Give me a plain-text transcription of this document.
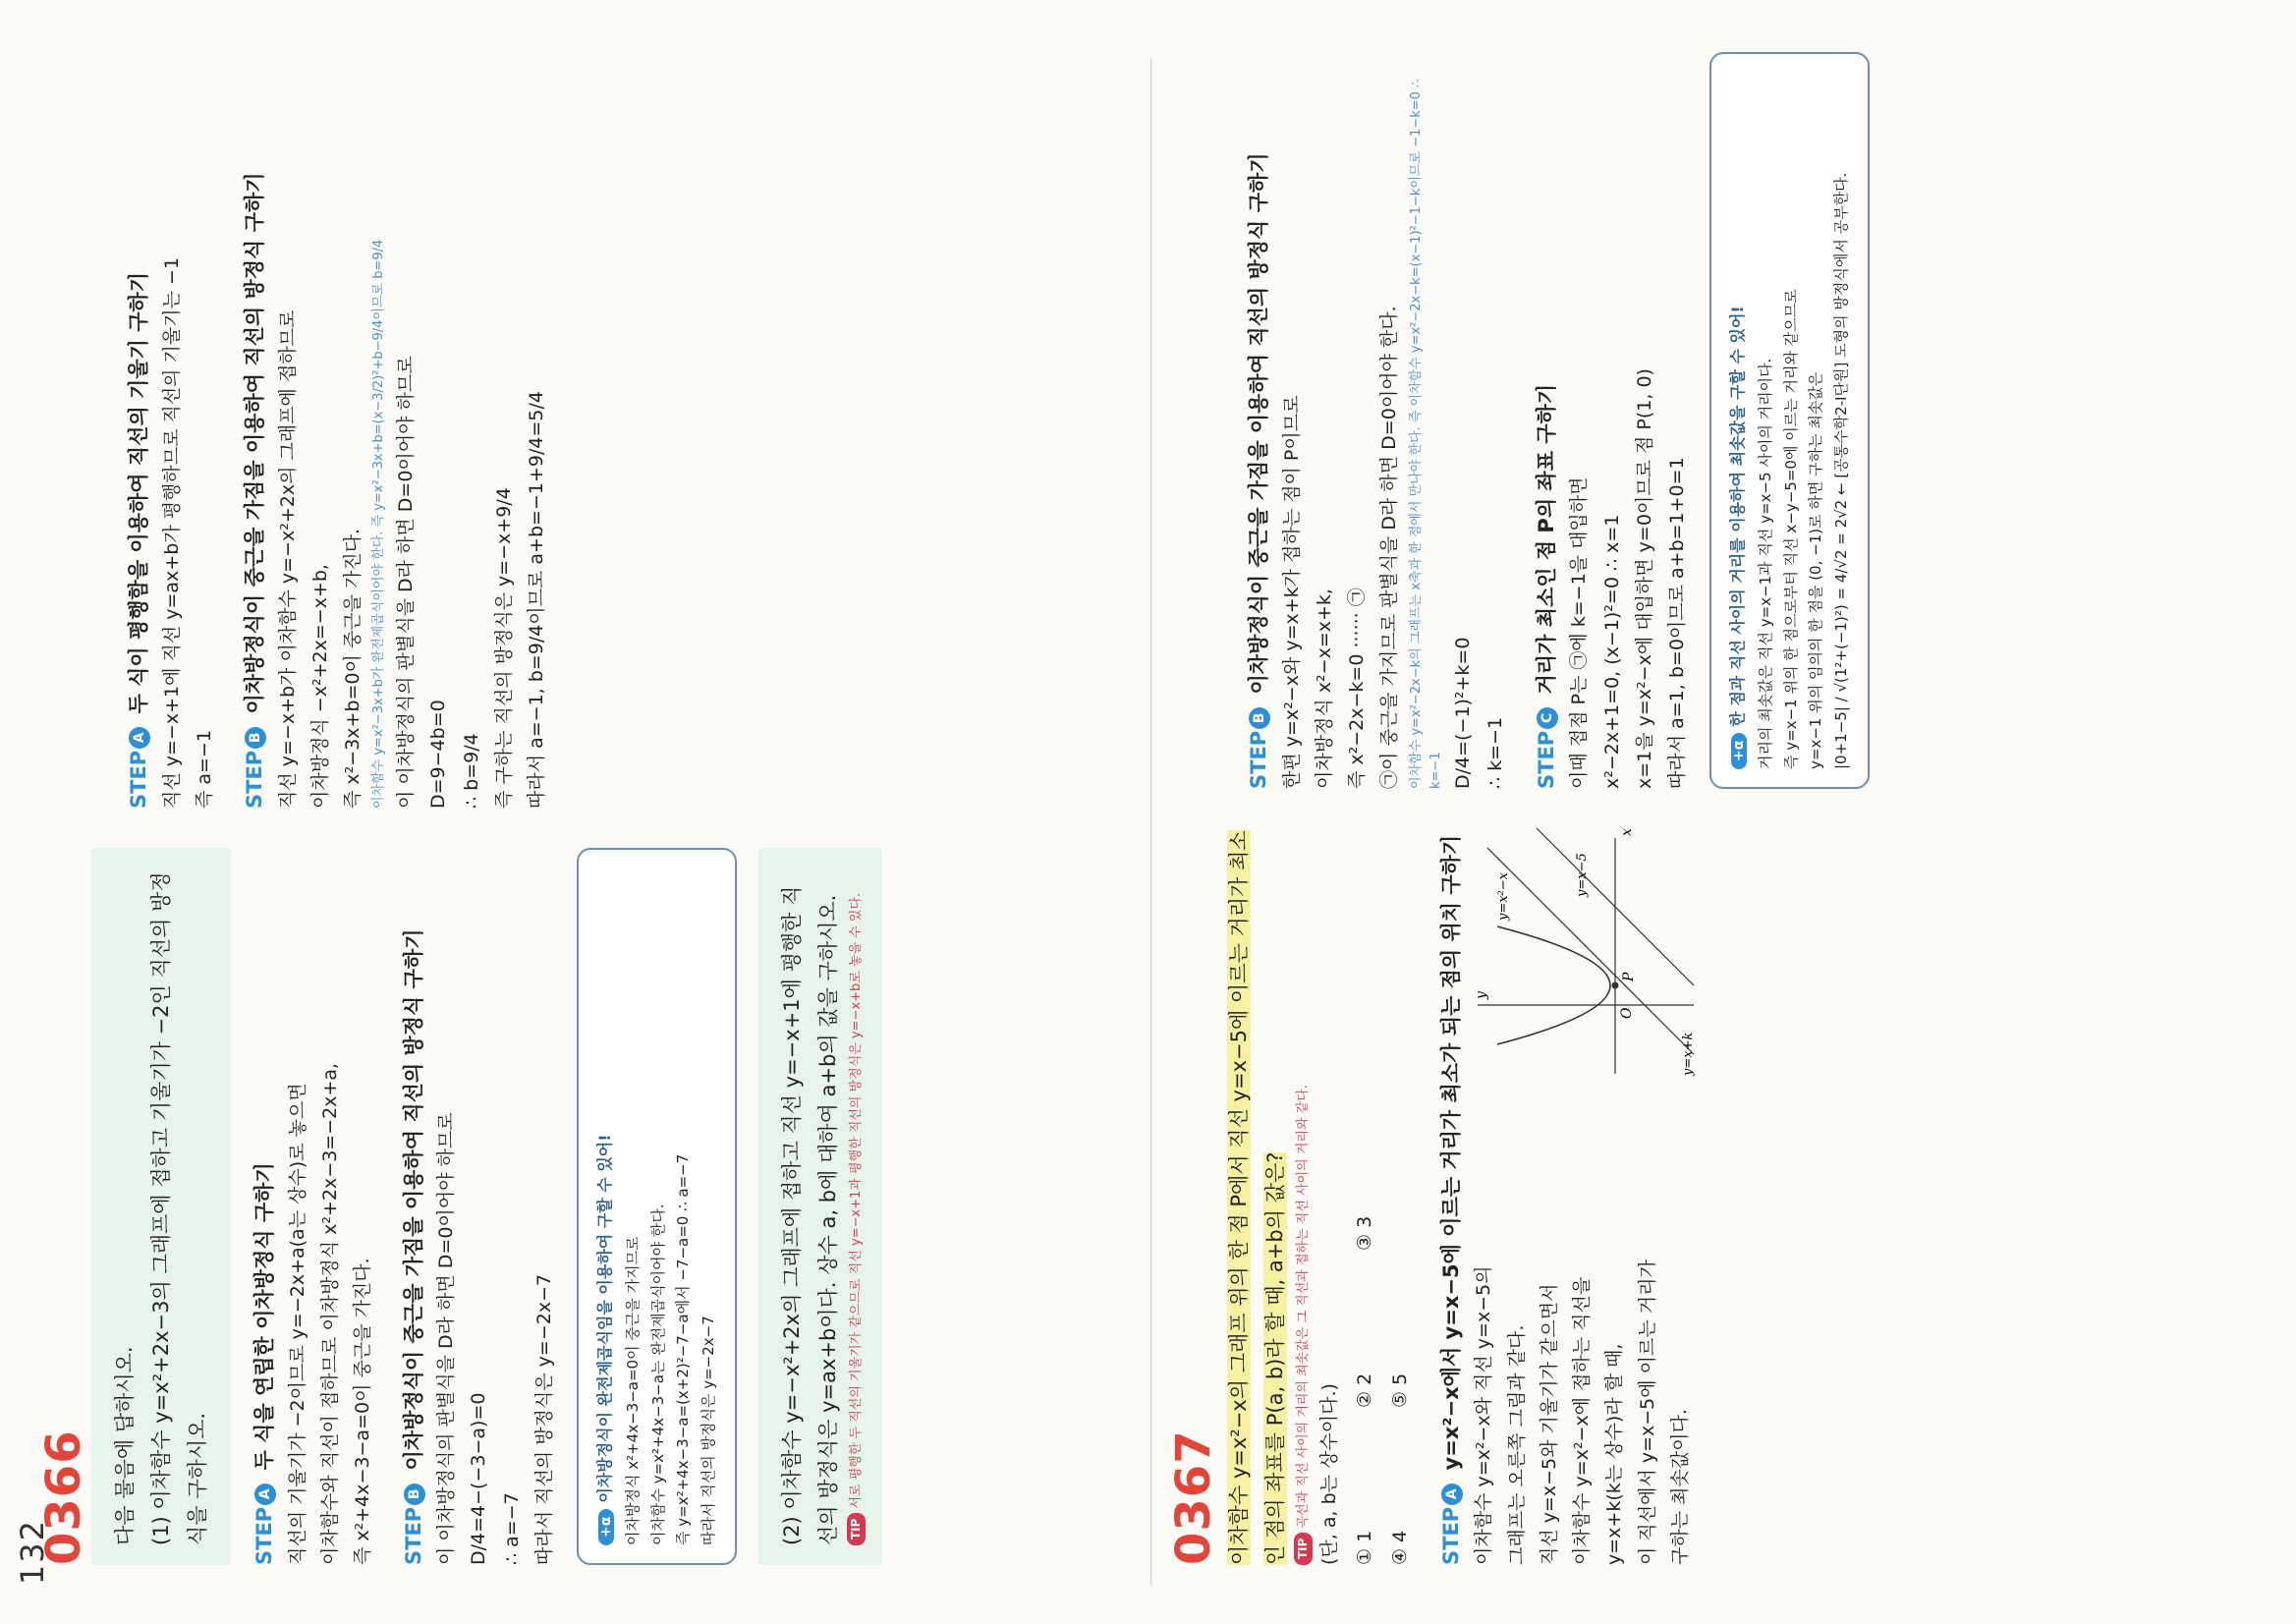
132
0366 다음 물음에 답하시오. (1) 이차함수 y=x²+2x−3의 그래프에 접하고 기울기가 −2인 직선의 방정식을 구하시오.	STEPA 두 식을 연립한 이차방정식 구하기 직선의 기울기가 −2이므로 y=−2x+a(a는 상수)로 놓으면 이차함수와 직선이 접하므로 이차방정식 x²+2x−3=−2x+a, 즉 x²+4x−3−a=0이 중근을 가진다. STEPB 이차방정식이 중근을 가짐을 이용하여 직선의 방정식 구하기 이 이차방정식의 판별식을 D라 하면 D=0이어야 하므로 D/4=4−(−3−a)=0 ∴ a=−7 따라서 직선의 방정식은 y=−2x−7	+α이차방정식이 완전제곱식임을 이용하여 구할 수 있어! 이차방정식 x²+4x−3−a=0이 중근을 가지므로 이차함수 y=x²+4x−3−a는 완전제곱식이어야 한다. 즉 y=x²+4x−3−a=(x+2)²−7−a에서 −7−a=0 ∴ a=−7 따라서 직선의 방정식은 y=−2x−7	(2) 이차함수 y=−x²+2x의 그래프에 접하고 직선 y=−x+1에 평행한 직선의 방정식은 y=ax+b이다. 상수 a, b에 대하여 a+b의 값을 구하시오. TIP서로 평행한 두 직선의 기울기가 같으므로 직선 y=−x+1과 평행한 직선의 방정식은 y=−x+b로 놓을 수 있다.
STEPA 두 식이 평행함을 이용하여 직선의 기울기 구하기 직선 y=−x+1에 직선 y=ax+b가 평행하므로 직선의 기울기는 −1 즉 a=−1 STEPB 이차방정식이 중근을 가짐을 이용하여 직선의 방정식 구하기 직선 y=−x+b가 이차함수 y=−x²+2x의 그래프에 접하므로 이차방정식 −x²+2x=−x+b, 즉 x²−3x+b=0이 중근을 가진다. 이차함수 y=x²−3x+b가 완전제곱식이어야 한다. 즉 y=x²−3x+b=(x−3/2)²+b−9/4이므로 b=9/4 이 이차방정식의 판별식을 D라 하면 D=0이어야 하므로 D=9−4b=0 ∴ b=9/4 즉 구하는 직선의 방정식은 y=−x+9/4 따라서 a=−1, b=9/4이므로 a+b=−1+9/4=5/4
0367 이차함수 y=x²−x의 그래프 위의 한 점 P에서 직선 y=x−5에 이르는 거리가 최소인 점의 좌표를 P(a, b)라 할 때, a+b의 값은? TIP곡선과 직선 사이의 거리의 최솟값은 그 직선과 접하는 직선 사이의 거리와 같다. (단, a, b는 상수이다.) ① 1② 2③ 3
④ 4⑤ 5
STEPA y=x²−x에서 y=x−5에 이르는 거리가 최소가 되는 점의 위치 구하기 이차함수 y=x²−x와 직선 y=x−5의 그래프는 오른쪽 그림과 같다. 직선 y=x−5와 기울기가 같으면서 이차함수 y=x²−x에 접하는 직선을 y=x+k(k는 상수)라 할 때, 이 직선에서 y=x−5에 이르는 거리가 구하는 최솟값이다.
x
y
O
P
y=x²−x	y=x−5
y=x+k
STEPB 이차방정식이 중근을 가짐을 이용하여 직선의 방정식 구하기 한편 y=x²−x와 y=x+k가 접하는 점이 P이므로 이차방정식 x²−x=x+k, 즉 x²−2x−k=0 ······ ㉠ ㉠이 중근을 가지므로 판별식을 D라 하면 D=0이어야 한다. 이차함수 y=x²−2x−k의 그래프는 x축과 한 점에서 만나야 한다. 즉 이차함수 y=x²−2x−k=(x−1)²−1−k이므로 −1−k=0 ∴ k=−1 D/4=(−1)²+k=0 ∴ k=−1 STEPC 거리가 최소인 점 P의 좌표 구하기 이때 접점 P는 ㉠에 k=−1을 대입하면 x²−2x+1=0, (x−1)²=0 ∴ x=1 x=1을 y=x²−x에 대입하면 y=0이므로 점 P(1, 0) 따라서 a=1, b=0이므로 a+b=1+0=1	+α한 점과 직선 사이의 거리를 이용하여 최솟값을 구할 수 있어! 거리의 최솟값은 직선 y=x−1과 직선 y=x−5 사이의 거리이다. 즉 y=x−1 위의 한 점으로부터 직선 x−y−5=0에 이르는 거리와 같으므로 y=x−1 위의 임의의 한 점을 (0, −1)로 하면 구하는 최솟값은 |0+1−5| / √(1²+(−1)²) = 4/√2 = 2√2 ← [공통수학2-I단원] 도형의 방정식에서 공부한다.
